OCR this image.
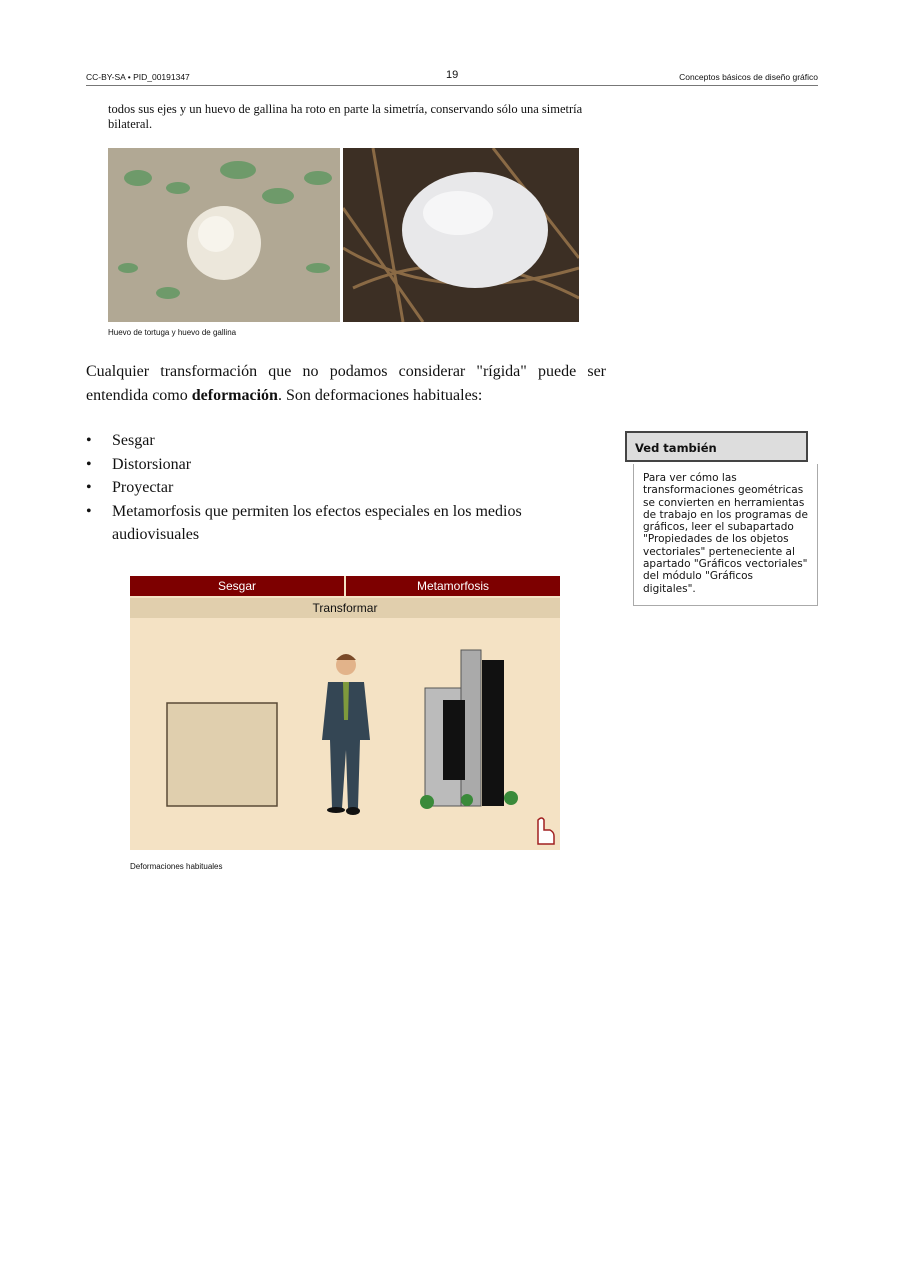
CC-BY-SA • PID_00191347	19	Conceptos básicos de diseño gráfico
todos sus ejes y un huevo de gallina ha roto en parte la simetría, conservando sólo una simetría bilateral.
Huevo de tortuga y huevo de gallina
Cualquier transformación que no podamos considerar "rígida" puede ser entendida como deformación. Son deformaciones habituales:
• Sesgar
• Distorsionar
• Proyectar
• Metamorfosis que permiten los efectos especiales en los medios audiovisuales
Ved también
Para ver cómo las transformaciones geométricas se convierten en herramientas de trabajo en los programas de gráficos, leer el subapartado "Propiedades de los objetos vectoriales" perteneciente al apartado "Gráficos vectoriales" del módulo "Gráficos digitales".
Sesgar	Metamorfosis
Transformar
Deformaciones habituales
